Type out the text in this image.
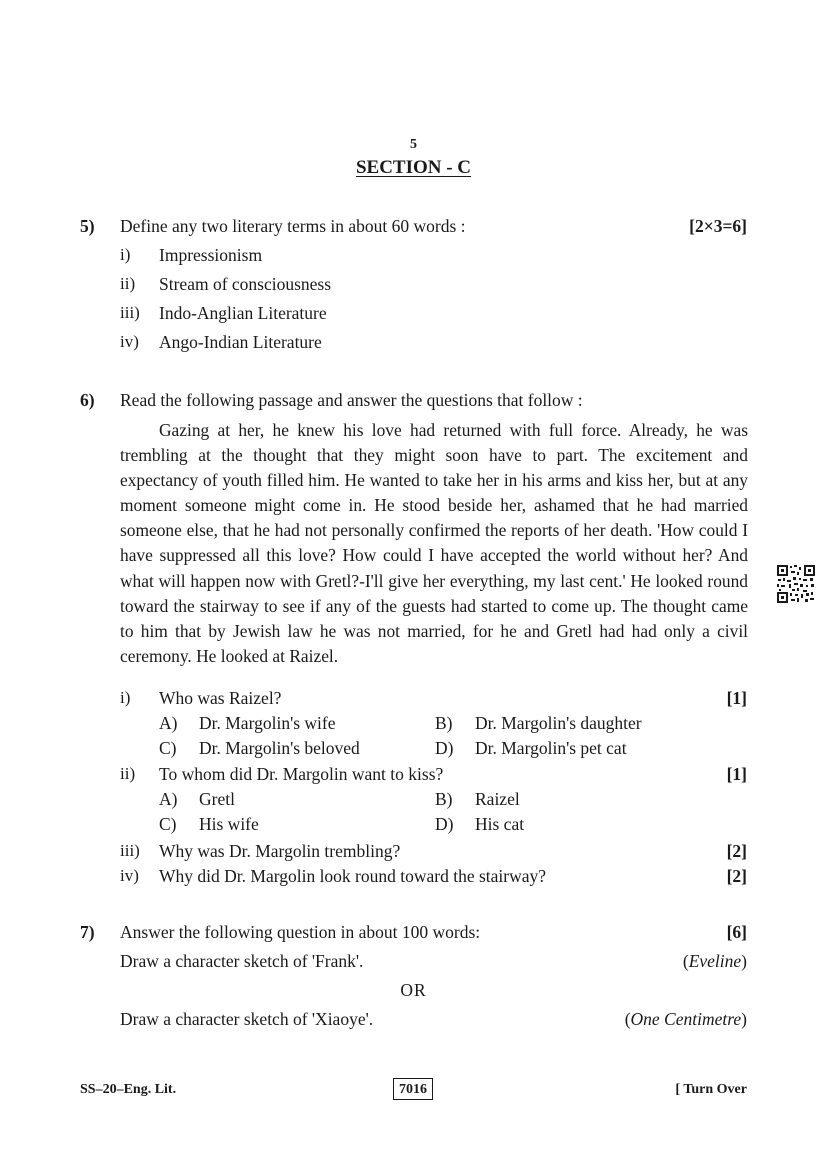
5
SECTION - C
5) Define any two literary terms in about 60 words :	[2×3=6]
i) Impressionism
ii) Stream of consciousness
iii) Indo-Anglian Literature
iv) Ango-Indian Literature
6) Read the following passage and answer the questions that follow :
Gazing at her, he knew his love had returned with full force. Already, he was trembling at the thought that they might soon have to part. The excitement and expectancy of youth filled him. He wanted to take her in his arms and kiss her, but at any moment someone might come in. He stood beside her, ashamed that he had married someone else, that he had not personally confirmed the reports of her death. 'How could I have suppressed all this love? How could I have accepted the world without her? And what will happen now with Gretl?-I'll give her everything, my last cent.' He looked round toward the stairway to see if any of the guests had started to come up. The thought came to him that by Jewish law he was not married, for he and Gretl had had only a civil ceremony. He looked at Raizel.
i) Who was Raizel?	[1]
A) Dr. Margolin's wife	B) Dr. Margolin's daughter
C) Dr. Margolin's beloved	D) Dr. Margolin's pet cat
ii) To whom did Dr. Margolin want to kiss?	[1]
A) Gretl	B) Raizel
C) His wife	D) His cat
iii) Why was Dr. Margolin trembling?	[2]
iv) Why did Dr. Margolin look round toward the stairway?	[2]
7) Answer the following question in about 100 words:	[6]
Draw a character sketch of 'Frank'.	(Eveline)
OR
Draw a character sketch of 'Xiaoye'.	(One Centimetre)
SS–20–Eng. Lit.	7016	[ Turn Over
